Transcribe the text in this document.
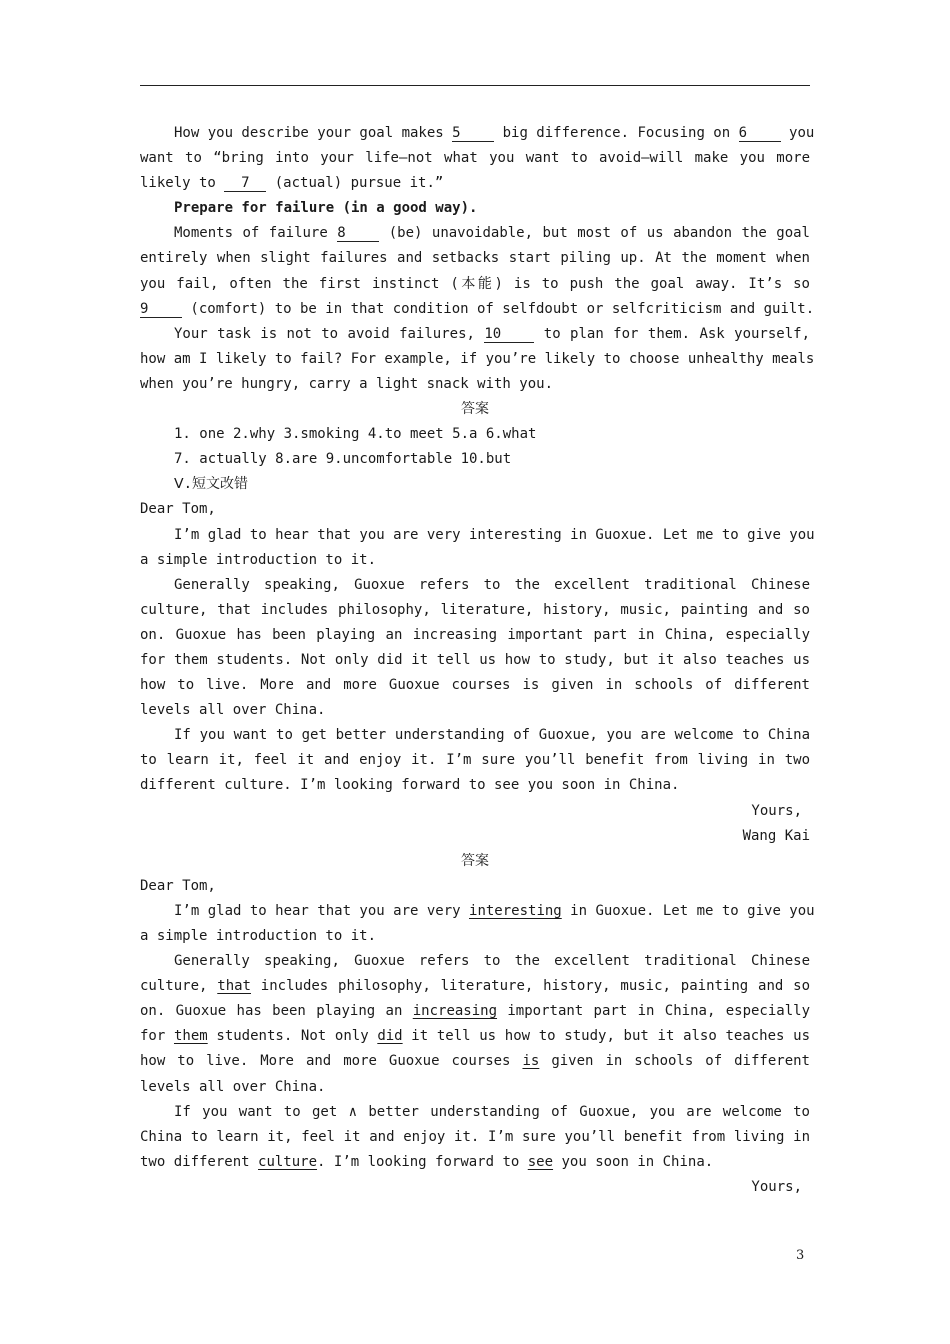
How you describe your goal makes 5 big difference. Focusing on 6 you
want to “bring into your life—not what you want to avoid—will make you more
likely to 7 (actual) pursue it.”
Prepare for failure (in a good way).
Moments of failure 8 (be) unavoidable, but most of us abandon the goal
entirely when slight failures and setbacks start piling up. At the moment when
you fail, often the first instinct (本能) is to push the goal away. It’s so
9 (comfort) to be in that condition of selfdoubt or selfcriticism and guilt.
Your task is not to avoid failures, 10 to plan for them. Ask yourself,
how am I likely to fail? For example, if you’re likely to choose unhealthy meals
when you’re hungry, carry a light snack with you.
答案
1. one 2.why 3.smoking 4.to meet 5.a 6.what
7. actually 8.are 9.uncomfortable 10.but
Ⅴ.短文改错
Dear Tom,
I’m glad to hear that you are very interesting in Guoxue. Let me to give you
a simple introduction to it.
Generally speaking, Guoxue refers to the excellent traditional Chinese
culture, that includes philosophy, literature, history, music, painting and so
on. Guoxue has been playing an increasing important part in China, especially
for them students. Not only did it tell us how to study, but it also teaches us
how to live. More and more Guoxue courses is given in schools of different
levels all over China.
If you want to get better understanding of Guoxue, you are welcome to China
to learn it, feel it and enjoy it. I’m sure you’ll benefit from living in two
different culture. I’m looking forward to see you soon in China.
Yours,
Wang Kai
答案
Dear Tom,
I’m glad to hear that you are very interesting in Guoxue. Let me to give you
a simple introduction to it.
Generally speaking, Guoxue refers to the excellent traditional Chinese
culture, that includes philosophy, literature, history, music, painting and so
on. Guoxue has been playing an increasing important part in China, especially
for them students. Not only did it tell us how to study, but it also teaches us
how to live. More and more Guoxue courses is given in schools of different
levels all over China.
If you want to get ∧ better understanding of Guoxue, you are welcome to
China to learn it, feel it and enjoy it. I’m sure you’ll benefit from living in
two different culture. I’m looking forward to see you soon in China.
Yours,
3
